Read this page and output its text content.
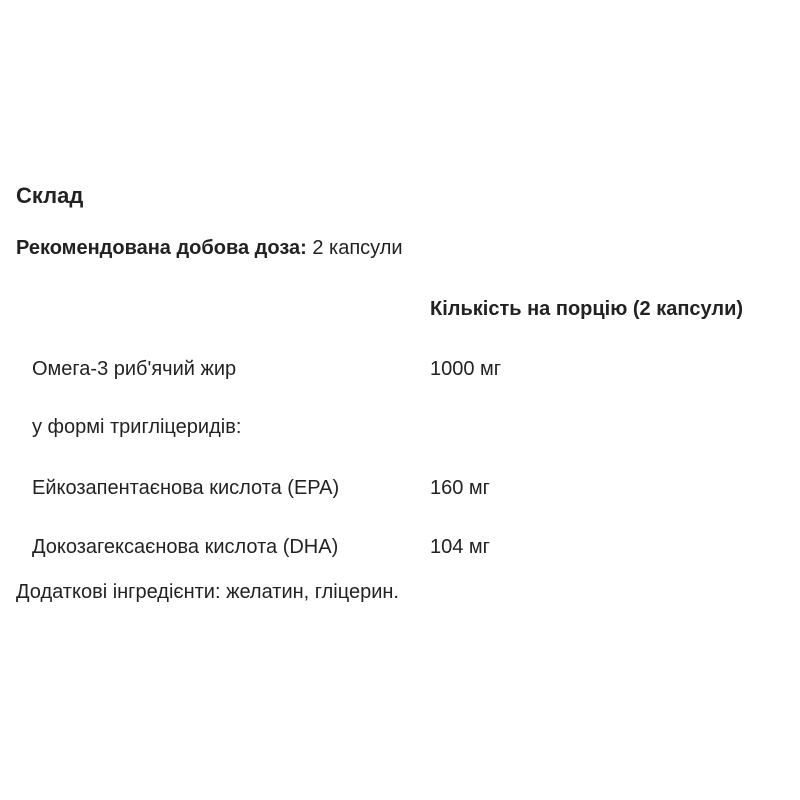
Склад
Рекомендована добова доза: 2 капсули
Кількість на порцію (2 капсули)
Омега-3 риб'ячий жир	1000 мг
у формі тригліцеридів:
Ейкозапентаєнова кислота (EPA)	160 мг
Докозагексаєнова кислота (DHA)	104 мг

Додаткові інгредієнти: желатин, гліцерин.
